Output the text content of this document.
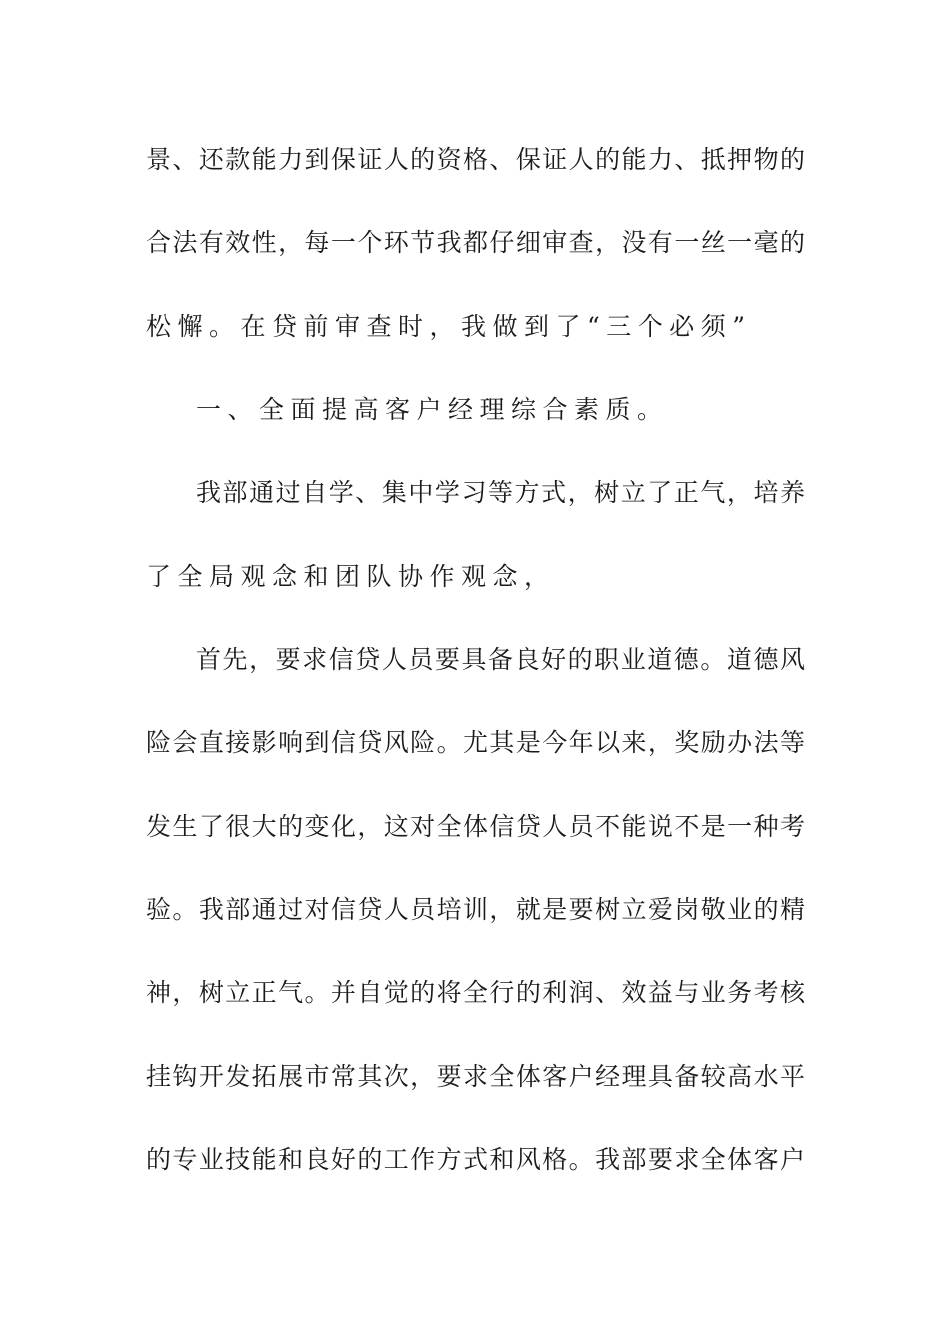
景、还款能力到保证人的资格、保证人的能力、抵押物的
合法有效性，每一个环节我都仔细审查，没有一丝一毫的
松懈。在贷前审查时，我做到了“三个必须”
一、全面提高客户经理综合素质。
我部通过自学、集中学习等方式，树立了正气，培养
了全局观念和团队协作观念，
首先，要求信贷人员要具备良好的职业道德。道德风
险会直接影响到信贷风险。尤其是今年以来，奖励办法等
发生了很大的变化，这对全体信贷人员不能说不是一种考
验。我部通过对信贷人员培训，就是要树立爱岗敬业的精
神，树立正气。并自觉的将全行的利润、效益与业务考核
挂钩开发拓展市常其次，要求全体客户经理具备较高水平
的专业技能和良好的工作方式和风格。我部要求全体客户
